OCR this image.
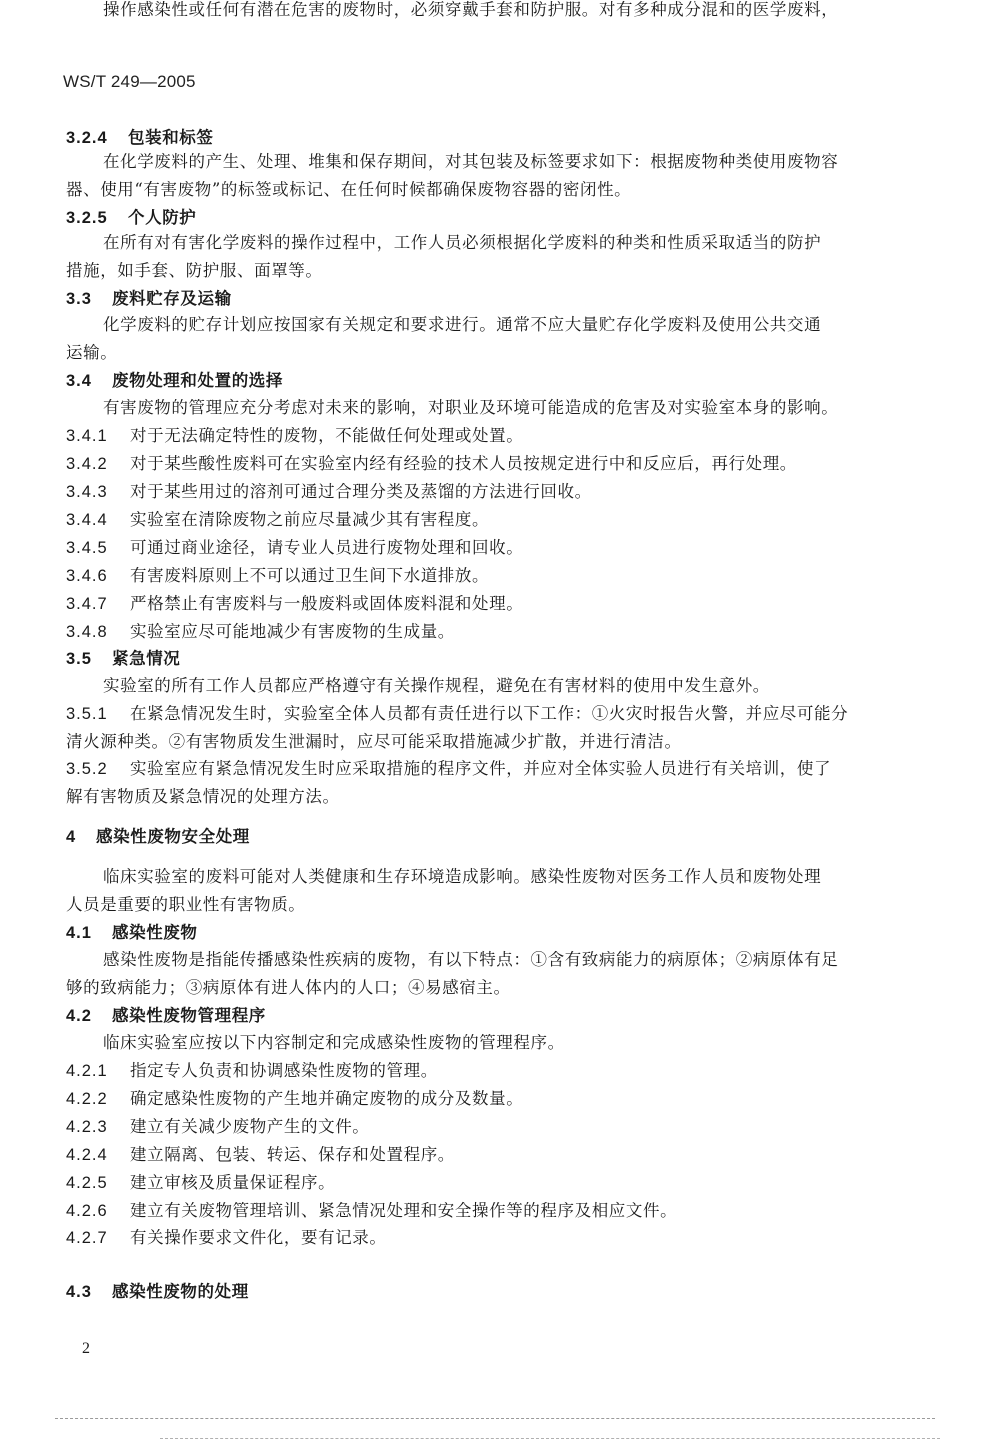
WS/T 249—2005
3.2.4 包装和标签
在化学废料的产生、处理、堆集和保存期间，对其包装及标签要求如下：根据废物种类使用废物容
器、使用“有害废物”的标签或标记、在任何时候都确保废物容器的密闭性。
3.2.5 个人防护
在所有对有害化学废料的操作过程中，工作人员必须根据化学废料的种类和性质采取适当的防护
措施，如手套、防护服、面罩等。
3.3 废料贮存及运输
化学废料的贮存计划应按国家有关规定和要求进行。通常不应大量贮存化学废料及使用公共交通
运输。
3.4 废物处理和处置的选择
有害废物的管理应充分考虑对未来的影响，对职业及环境可能造成的危害及对实验室本身的影响。
3.4.1 对于无法确定特性的废物，不能做任何处理或处置。
3.4.2 对于某些酸性废料可在实验室内经有经验的技术人员按规定进行中和反应后，再行处理。
3.4.3 对于某些用过的溶剂可通过合理分类及蒸馏的方法进行回收。
3.4.4 实验室在清除废物之前应尽量减少其有害程度。
3.4.5 可通过商业途径，请专业人员进行废物处理和回收。
3.4.6 有害废料原则上不可以通过卫生间下水道排放。
3.4.7 严格禁止有害废料与一般废料或固体废料混和处理。
3.4.8 实验室应尽可能地减少有害废物的生成量。
3.5 紧急情况
实验室的所有工作人员都应严格遵守有关操作规程，避免在有害材料的使用中发生意外。
3.5.1 在紧急情况发生时，实验室全体人员都有责任进行以下工作：①火灾时报告火警，并应尽可能分
清火源种类。②有害物质发生泄漏时，应尽可能采取措施减少扩散，并进行清洁。
3.5.2 实验室应有紧急情况发生时应采取措施的程序文件，并应对全体实验人员进行有关培训，使了
解有害物质及紧急情况的处理方法。
4 感染性废物安全处理
临床实验室的废料可能对人类健康和生存环境造成影响。感染性废物对医务工作人员和废物处理
人员是重要的职业性有害物质。
4.1 感染性废物
感染性废物是指能传播感染性疾病的废物，有以下特点：①含有致病能力的病原体；②病原体有足
够的致病能力；③病原体有进人体内的人口；④易感宿主。
4.2 感染性废物管理程序
临床实验室应按以下内容制定和完成感染性废物的管理程序。
4.2.1 指定专人负责和协调感染性废物的管理。
4.2.2 确定感染性废物的产生地并确定废物的成分及数量。
4.2.3 建立有关减少废物产生的文件。
4.2.4 建立隔离、包装、转运、保存和处置程序。
4.2.5 建立审核及质量保证程序。
4.2.6 建立有关废物管理培训、紧急情况处理和安全操作等的程序及相应文件。
4.2.7 有关操作要求文件化，要有记录。
4.3 感染性废物的处理
操作感染性或任何有潜在危害的废物时，必须穿戴手套和防护服。对有多种成分混和的医学废料，
2
